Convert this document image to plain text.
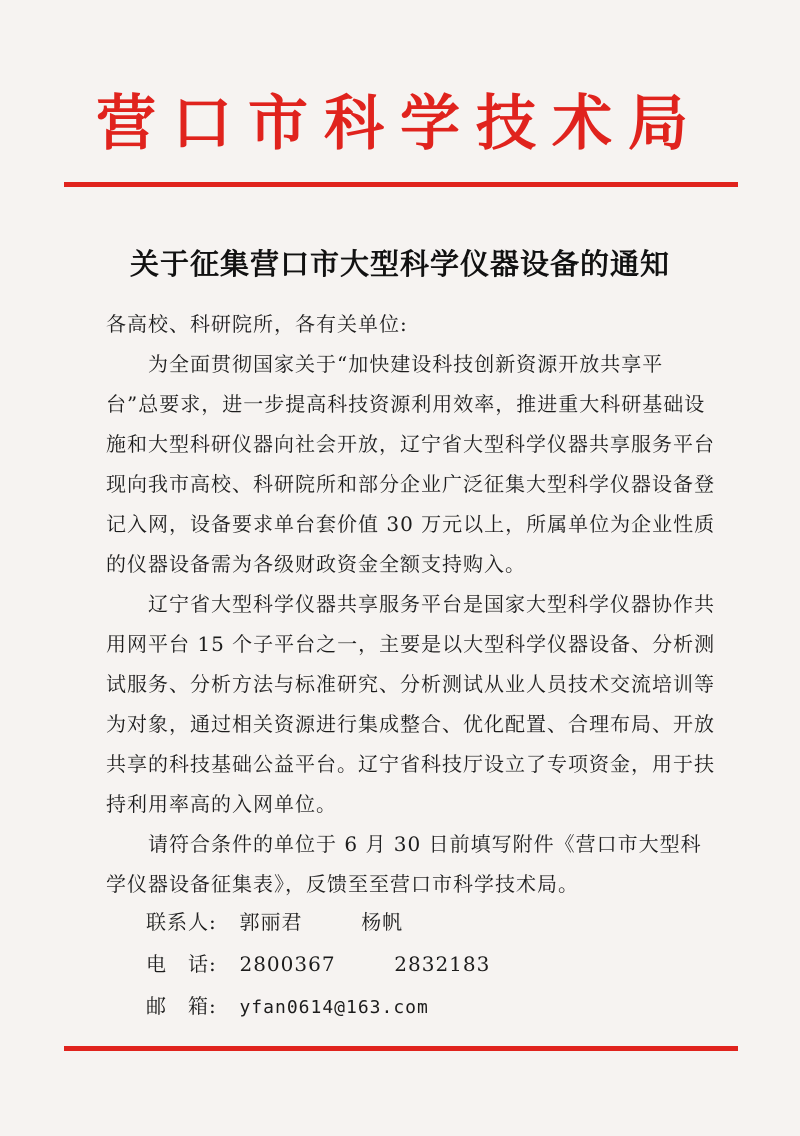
营口市科学技术局
关于征集营口市大型科学仪器设备的通知

各高校、科研院所，各有关单位:

为全面贯彻国家关于“加快建设科技创新资源开放共享平台”总要求，进一步提高科技资源利用效率，推进重大科研基础设施和大型科研仪器向社会开放，辽宁省大型科学仪器共享服务平台现向我市高校、科研院所和部分企业广泛征集大型科学仪器设备登记入网，设备要求单台套价值 30 万元以上，所属单位为企业性质的仪器设备需为各级财政资金全额支持购入。

辽宁省大型科学仪器共享服务平台是国家大型科学仪器协作共用网平台 15 个子平台之一，主要是以大型科学仪器设备、分析测试服务、分析方法与标准研究、分析测试从业人员技术交流培训等为对象，通过相关资源进行集成整合、优化配置、合理布局、开放共享的科技基础公益平台。辽宁省科技厅设立了专项资金，用于扶持利用率高的入网单位。

请符合条件的单位于 6 月 30 日前填写附件《营口市大型科学仪器设备征集表》，反馈至至营口市科学技术局。

联系人: 郭丽君	杨帆
电　话: 2800367	2832183
邮　箱: yfan0614@163.com
